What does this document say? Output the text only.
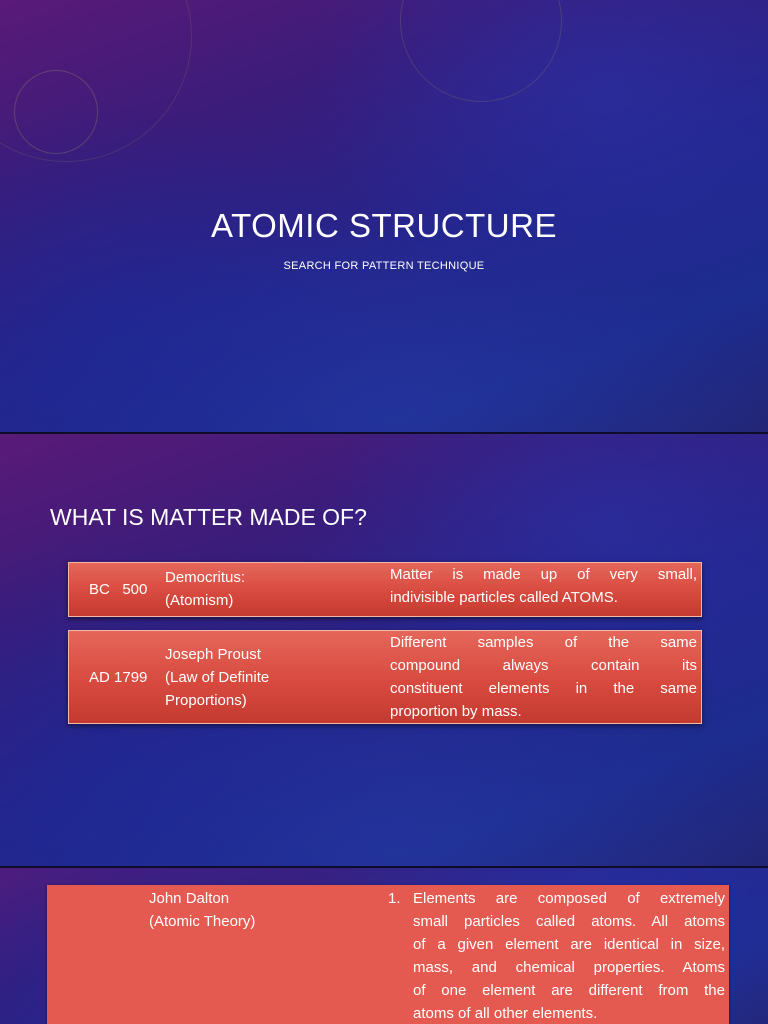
ATOMIC STRUCTURE
SEARCH FOR PATTERN TECHNIQUE
WHAT IS MATTER MADE OF?
BC   500
Democritus:
(Atomism)
Matter is made up of very small,
indivisible particles called ATOMS.
AD 1799
Joseph Proust
(Law of Definite
Proportions)
Different samples of the same
compound always contain its
constituent elements in the same
proportion by mass.
John Dalton
(Atomic Theory)
1. Elements are composed of extremely
small particles called atoms. All atoms
of a given element are identical in size,
mass, and chemical properties. Atoms
of one element are different from the
atoms of all other elements.
